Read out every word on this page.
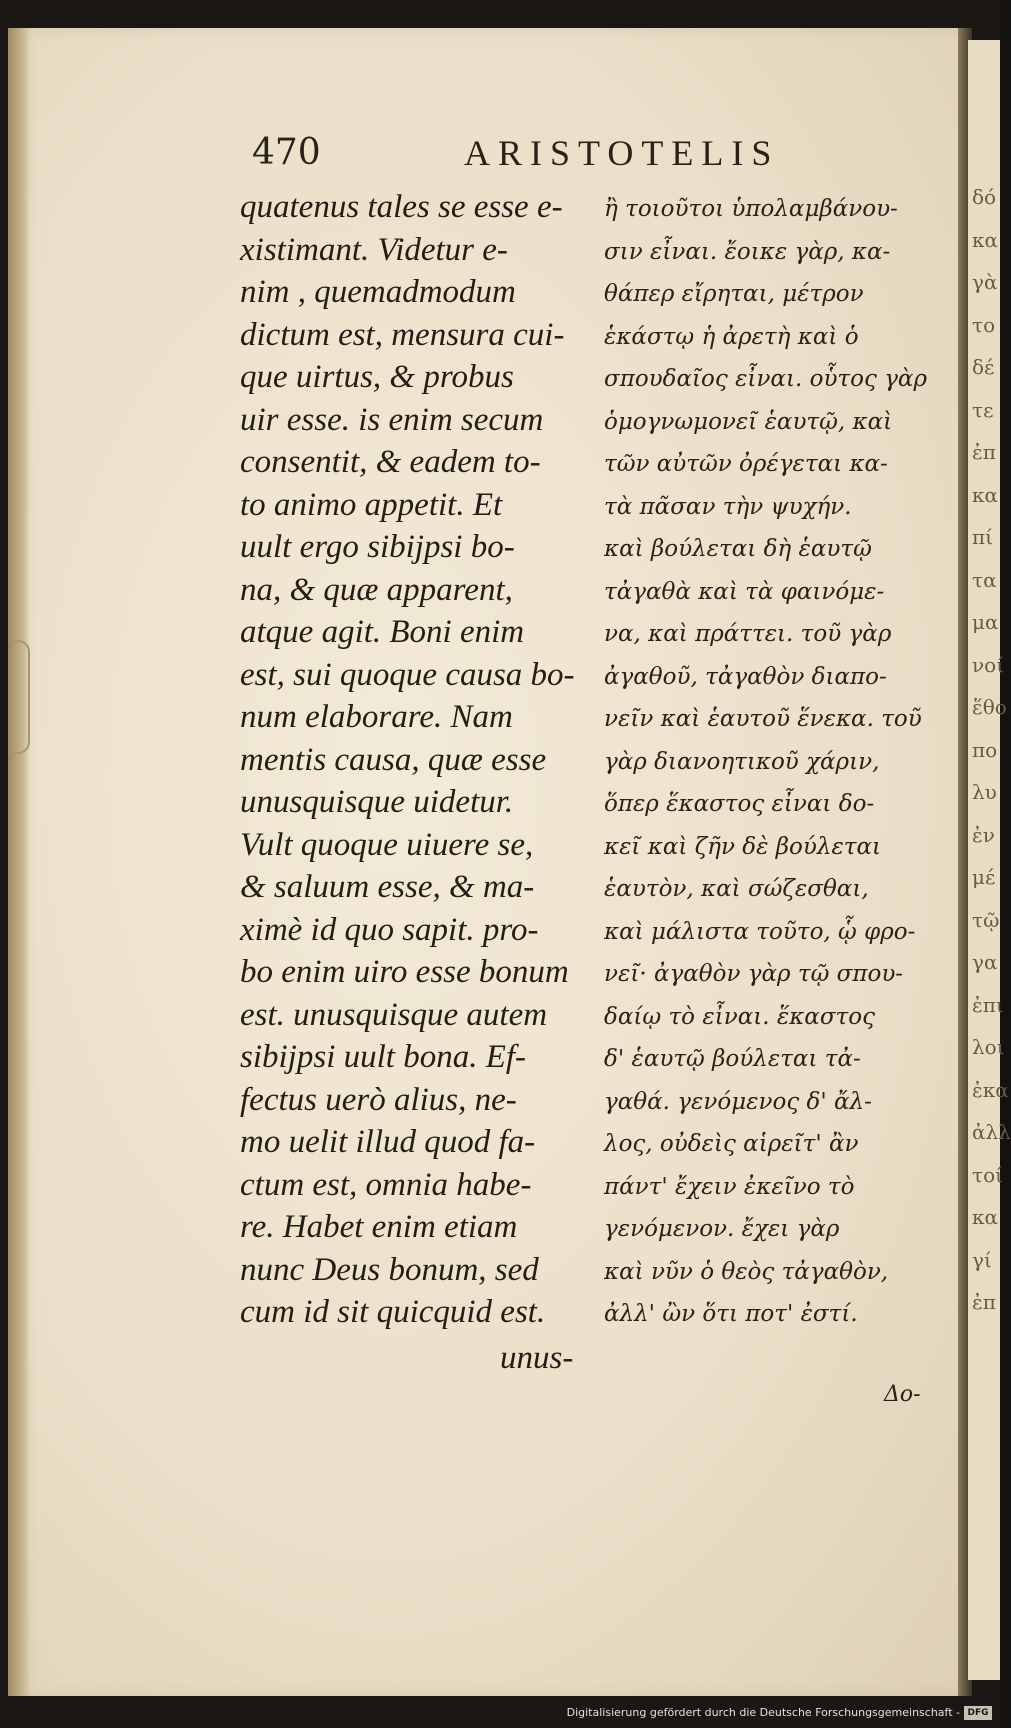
470	ARISTOTELIS
quatenus tales se esse e-
xistimant. Videtur e-
nim , quemadmodum
dictum est, mensura cui-
que uirtus, & probus
uir esse. is enim secum
consentit, & eadem to-
to animo appetit. Et
uult ergo sibijpsi bo-
na, & quæ apparent,
atque agit. Boni enim
est, sui quoque causa bo-
num elaborare. Nam
mentis causa, quæ esse
unusquisque uidetur.
Vult quoque uiuere se,
& saluum esse, & ma-
ximè id quo sapit. pro-
bo enim uiro esse bonum
est. unusquisque autem
sibijpsi uult bona. Ef-
fectus uerò alius, ne-
mo uelit illud quod fa-
ctum est, omnia habe-
re. Habet enim etiam
nunc Deus bonum, sed
cum id sit quicquid est.
unus-
ἢ τοιοῦτοι ὑπολαμβάνου-
σιν εἶναι. ἔοικε γὰρ, κα-
θάπερ εἴρηται, μέτρον
ἑκάστῳ ἡ ἀρετὴ καὶ ὁ
σπουδαῖος εἶναι. οὗτος γὰρ
ὁμογνωμονεῖ ἑαυτῷ, καὶ
τῶν αὐτῶν ὀρέγεται κα-
τὰ πᾶσαν τὴν ψυχήν.
καὶ βούλεται δὴ ἑαυτῷ
τἀγαθὰ καὶ τὰ φαινόμε-
να, καὶ πράττει. τοῦ γὰρ
ἀγαθοῦ, τἀγαθὸν διαπο-
νεῖν καὶ ἑαυτοῦ ἕνεκα. τοῦ
γὰρ διανοητικοῦ χάριν,
ὅπερ ἕκαστος εἶναι δο-
κεῖ καὶ ζῆν δὲ βούλεται
ἑαυτὸν, καὶ σώζεσθαι,
καὶ μάλιστα τοῦτο, ᾧ φρο-
νεῖ· ἀγαθὸν γὰρ τῷ σπου-
δαίῳ τὸ εἶναι. ἕκαστος
δ' ἑαυτῷ βούλεται τἀ-
γαθά. γενόμενος δ' ἄλ-
λος, οὐδεὶς αἱρεῖτ' ἂν
πάντ' ἔχειν ἐκεῖνο τὸ
γενόμενον. ἔχει γὰρ
καὶ νῦν ὁ θεὸς τἀγαθὸν,
ἀλλ' ὢν ὅτι ποτ' ἐστί.
Δο-
δό
κα
γὰ
το
δέ
τε
ἐπ
κα
πί
τα
μα
νοί
ἕθο
πο
λυ
ἐν
μέ
τῷ
γα
ἐπι
λοι
ἐκα
ἀλλ
τοί
κα
γί
ἐπ
Digitalisierung gefördert durch die Deutsche Forschungsgemeinschaft - DFG
